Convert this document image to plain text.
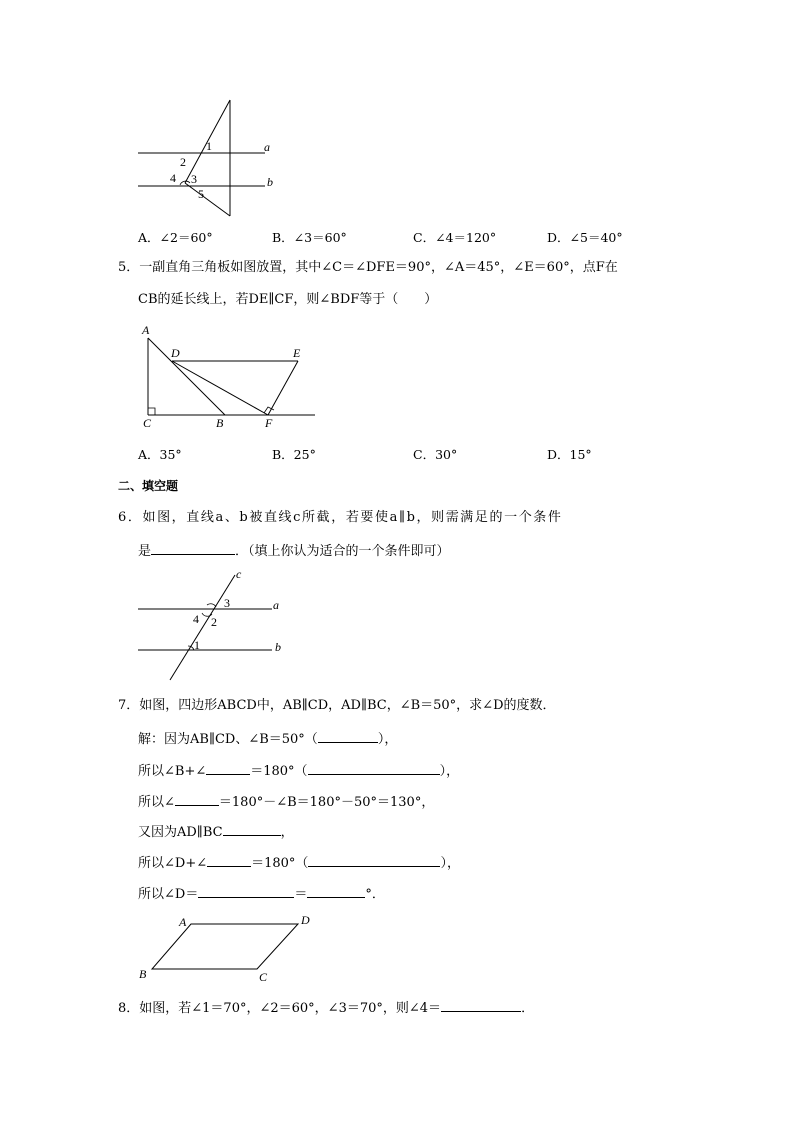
1
2
4 3
5
a
b
A．∠2＝60°	B．∠3＝60°	C．∠4＝120°	D．∠5＝40°
5．一副直角三角板如图放置，其中∠C＝∠DFE＝90°，∠A＝45°，∠E＝60°，点F在
CB的延长线上，若DE∥CF，则∠BDF等于（　　）
A
D	E
C	B	F
A．35°	B．25°	C．30°	D．15°
二、填空题
6．如图，直线a、b被直线c所截，若要使a∥b，则需满足的一个条件
是	．（填上你认为适合的一个条件即可）
c
3	a
4 2
1	b
7．如图，四边形ABCD中，AB∥CD，AD∥BC，∠B＝50°，求∠D的度数．
解：因为AB∥CD、∠B＝50°（	），
所以∠B+∠	＝180°（	），
所以∠	＝180°－∠B＝180°－50°＝130°，
又因为AD∥BC	，
所以∠D+∠	＝180°（	），
所以∠D＝	＝	°．
A	D
B	C
8．如图，若∠1＝70°，∠2＝60°，∠3＝70°，则∠4＝	．
